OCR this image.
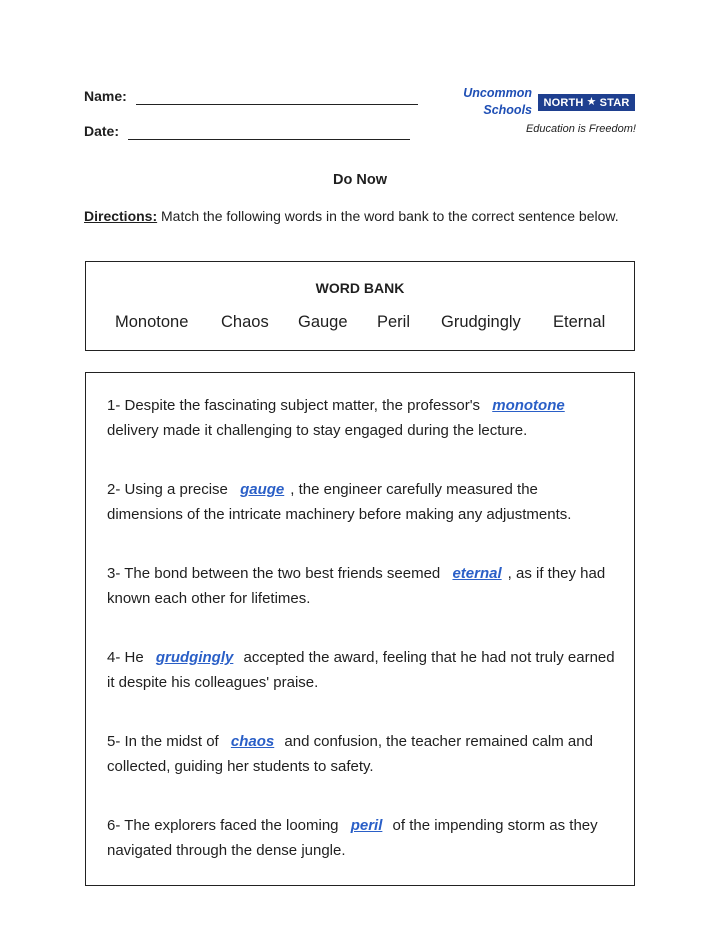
Name:
Date:
Uncommon
Schools
NORTH ★ STAR
Education is Freedom!
Do Now
Directions: Match the following words in the word bank to the correct sentence below.
WORD BANK
Monotone Chaos Gauge Peril Grudgingly Eternal
1- Despite the fascinating subject matter, the professor's monotone delivery made it challenging to stay engaged during the lecture.
2- Using a precise gauge , the engineer carefully measured the dimensions of the intricate machinery before making any adjustments.
3- The bond between the two best friends seemed eternal , as if they had known each other for lifetimes.
4- He grudgingly accepted the award, feeling that he had not truly earned it despite his colleagues' praise.
5- In the midst of chaos and confusion, the teacher remained calm and collected, guiding her students to safety.
6- The explorers faced the looming peril of the impending storm as they navigated through the dense jungle.
